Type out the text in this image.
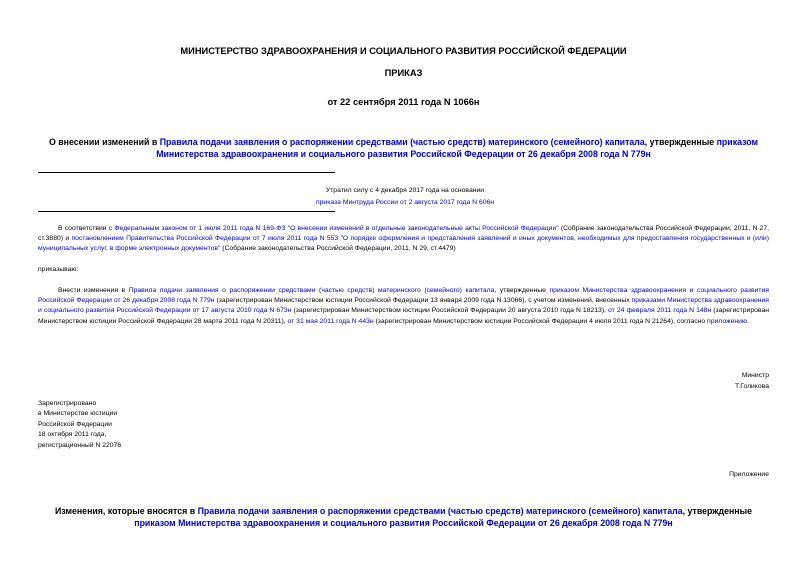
МИНИСТЕРСТВО ЗДРАВООХРАНЕНИЯ И СОЦИАЛЬНОГО РАЗВИТИЯ РОССИЙСКОЙ ФЕДЕРАЦИИ
ПРИКАЗ
от 22 сентября 2011 года N 1066н
О внесении изменений в Правила подачи заявления о распоряжении средствами (частью средств) материнского (семейного) капитала, утвержденные приказом Министерства здравоохранения и социального развития Российской Федерации от 26 декабря 2008 года N 779н
Утратил силу с 4 декабря 2017 года на основании
приказа Минтруда России от 2 августа 2017 года N 606н
В соответствии с Федеральным законом от 1 июля 2011 года N 169-ФЗ "О внесении изменений в отдельные законодательные акты Российской Федерации" (Собрание законодательства Российской Федерации, 2011, N 27, ст.3880) и постановлением Правительства Российской Федерации от 7 июля 2011 года N 553 "О порядке оформления и представления заявлений и иных документов, необходимых для предоставления государственных и (или) муниципальных услуг, в форме электронных документов" (Собрание законодательства Российской Федерации, 2011, N 29, ст.4479)
приказываю:
Внести изменения в Правила подачи заявления о распоряжении средствами (частью средств) материнского (семейного) капитала, утвержденные приказом Министерства здравоохранения и социального развития Российской Федерации от 26 декабря 2008 года N 779н (зарегистрирован Министерством юстиции Российской Федерации 13 января 2009 года N 13066), с учетом изменений, внесенных приказами Министерства здравоохранения и социального развития Российской Федерации от 17 августа 2010 года N 673н (зарегистрирован Министерством юстиции Российской Федерации 20 августа 2010 года N 18213), от 24 февраля 2011 года N 148н (зарегистрирован Министерством юстиции Российской Федерации 28 марта 2011 года N 20311), от 31 мая 2011 года N 443н (зарегистрирован Министерством юстиции Российской Федерации 4 июля 2011 года N 21264), согласно приложению.
Министр
Т.Голикова
Зарегистрировано
в Министерстве юстиции
Российской Федерации
18 октября 2011 года,
регистрационный N 22076
Приложение
Изменения, которые вносятся в Правила подачи заявления о распоряжении средствами (частью средств) материнского (семейного) капитала, утвержденные приказом Министерства здравоохранения и социального развития Российской Федерации от 26 декабря 2008 года N 779н
